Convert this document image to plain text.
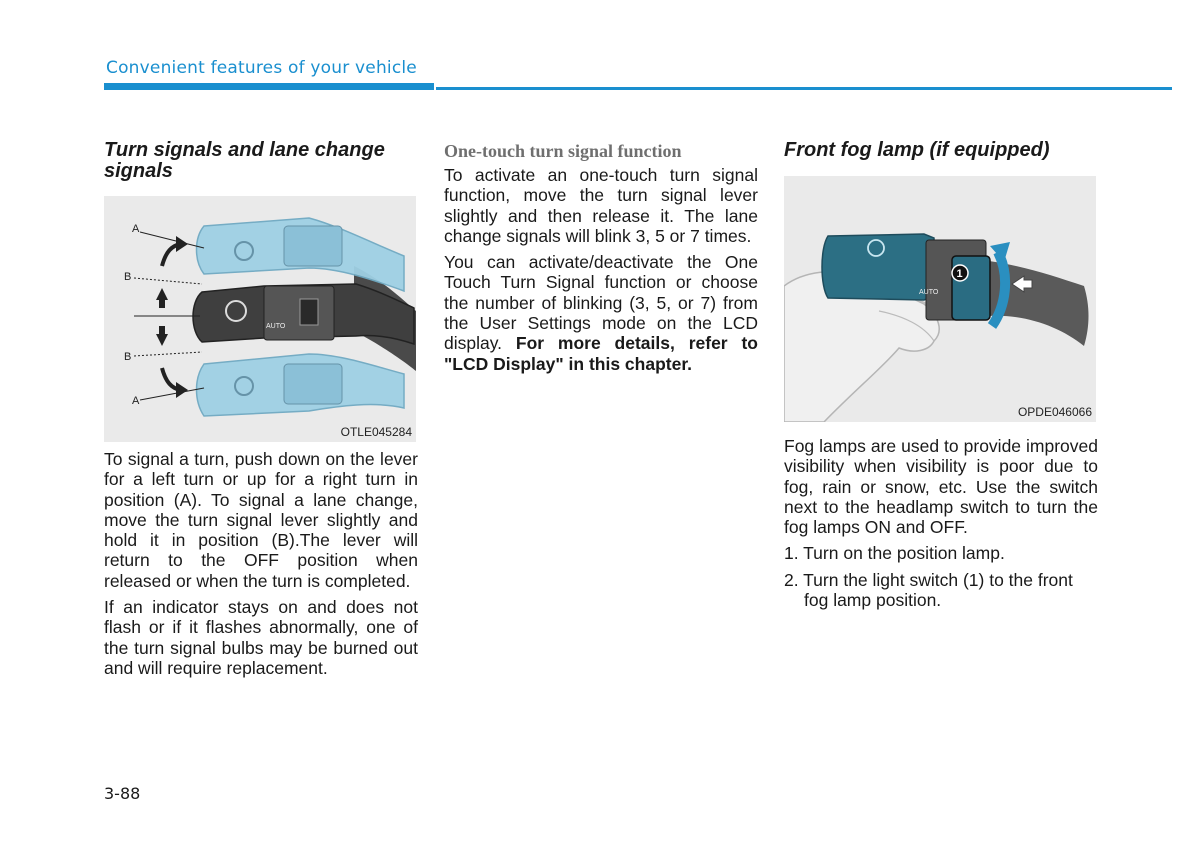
Convenient features of your vehicle
Turn signals and lane change signals
AUTO
A
B
B
A
OTLE045284

To signal a turn, push down on the lever for a left turn or up for a right turn in position (A). To signal a lane change, move the turn signal lever slightly and hold it in position (B).The lever will return to the OFF position when released or when the turn is completed.

If an indicator stays on and does not flash or if it flashes abnormally, one of the turn signal bulbs may be burned out and will require replacement.

One-touch turn signal function

To activate an one-touch turn signal function, move the turn signal lever slightly and then release it. The lane change signals will blink 3, 5 or 7 times.

You can activate/deactivate the One Touch Turn Signal function or choose the number of blinking (3, 5, or 7) from the User Settings mode on the LCD display. For more details, refer to "LCD Display" in this chapter.

Front fog lamp (if equipped)
AUTO
1
OPDE046066

Fog lamps are used to provide improved visibility when visibility is poor due to fog, rain or snow, etc. Use the switch next to the headlamp switch to turn the fog lamps ON and OFF.

1. Turn on the position lamp.
2. Turn the light switch (1) to the front fog lamp position.
3-88
